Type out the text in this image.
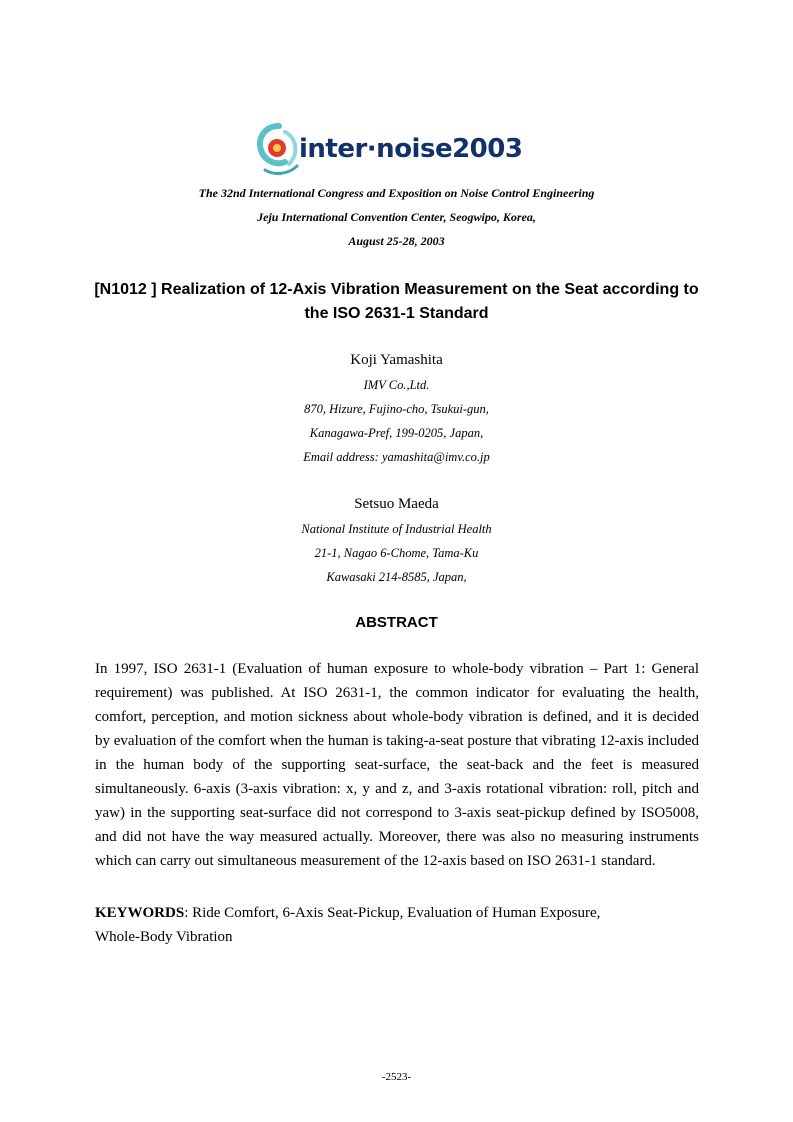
inter·noise2003
The 32nd International Congress and Exposition on Noise Control Engineering
Jeju International Convention Center, Seogwipo, Korea,
August 25-28, 2003
[N1012 ] Realization of 12-Axis Vibration Measurement on the Seat according to
the ISO 2631-1 Standard
Koji Yamashita
IMV Co.,Ltd.
870, Hizure, Fujino-cho, Tsukui-gun,
Kanagawa-Pref, 199-0205, Japan,
Email address: yamashita@imv.co.jp
Setsuo Maeda
National Institute of Industrial Health
21-1, Nagao 6-Chome, Tama-Ku
Kawasaki 214-8585, Japan,
ABSTRACT

In 1997, ISO 2631-1 (Evaluation of human exposure to whole-body vibration – Part 1: General requirement) was published. At ISO 2631-1, the common indicator for evaluating the health, comfort, perception, and motion sickness about whole-body vibration is defined, and it is decided by evaluation of the comfort when the human is taking-a-seat posture that vibrating 12-axis included in the human body of the supporting seat-surface, the seat-back and the feet is measured simultaneously. 6-axis (3-axis vibration: x, y and z, and 3-axis rotational vibration: roll, pitch and yaw) in the supporting seat-surface did not correspond to 3-axis seat-pickup defined by ISO5008, and did not have the way measured actually. Moreover, there was also no measuring instruments which can carry out simultaneous measurement of the 12-axis based on ISO 2631-1 standard.

KEYWORDS: Ride Comfort, 6-Axis Seat-Pickup, Evaluation of Human Exposure,
Whole-Body Vibration

-2523-
